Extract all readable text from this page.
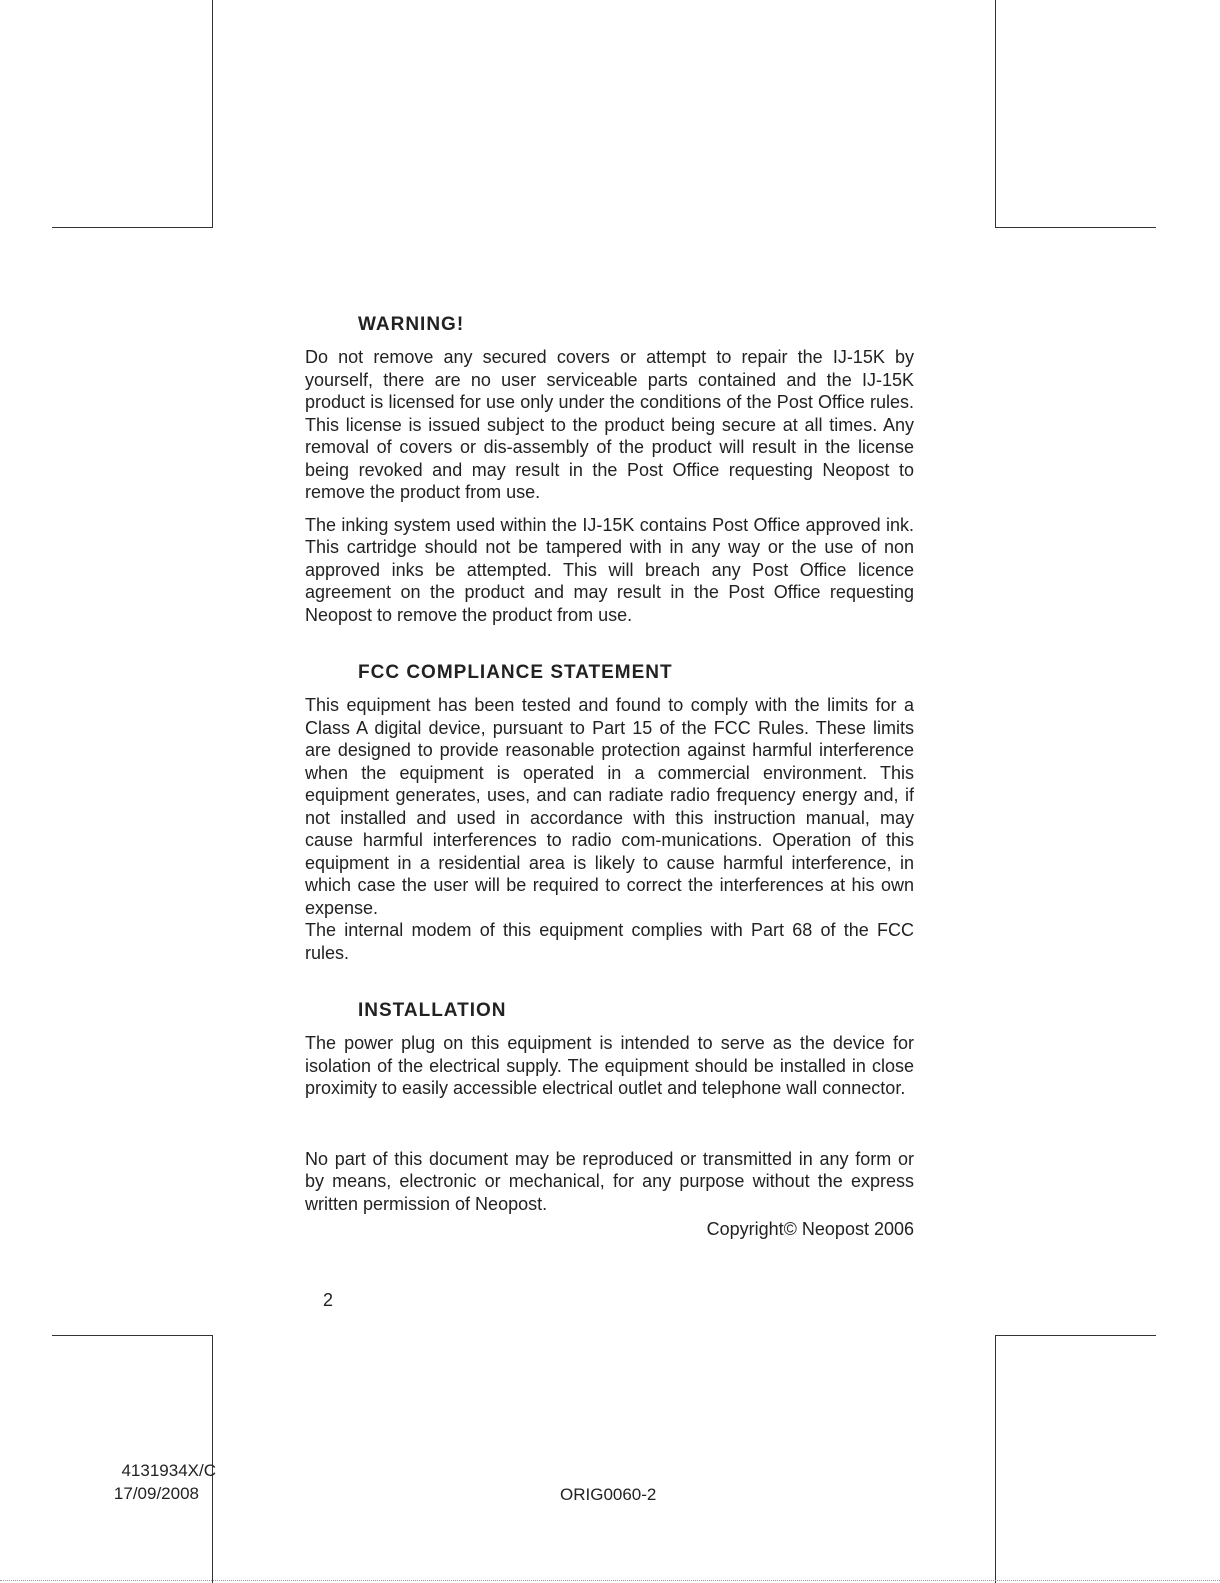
WARNING!

Do not remove any secured covers or attempt to repair the IJ-15K by yourself, there are no user serviceable parts contained and the IJ-15K product is licensed for use only under the conditions of the Post Office rules. This license is issued subject to the product being secure at all times. Any removal of covers or dis-assembly of the product will result in the license being revoked and may result in the Post Office requesting Neopost to remove the product from use.

The inking system used within the IJ-15K contains Post Office approved ink. This cartridge should not be tampered with in any way or the use of non approved inks be attempted. This will breach any Post Office licence agreement on the product and may result in the Post Office requesting Neopost to remove the product from use.

FCC COMPLIANCE STATEMENT

This equipment has been tested and found to comply with the limits for a Class A digital device, pursuant to Part 15 of the FCC Rules. These limits are designed to provide reasonable protection against harmful interference when the equipment is operated in a commercial environment. This equipment generates, uses, and can radiate radio frequency energy and, if not installed and used in accordance with this instruction manual, may cause harmful interferences to radio com-munications. Operation of this equipment in a residential area is likely to cause harmful interference, in which case the user will be required to correct the interferences at his own expense.

The internal modem of this equipment complies with Part 68 of the FCC rules.

INSTALLATION

The power plug on this equipment is intended to serve as the device for isolation of the electrical supply. The equipment should be installed in close proximity to easily accessible electrical outlet and telephone wall connector.

No part of this document may be reproduced or transmitted in any form or by means, electronic or mechanical, for any purpose without the express written permission of Neopost.

Copyright© Neopost 2006
2
4131934X/C
17/09/2008	ORIG0060-2
